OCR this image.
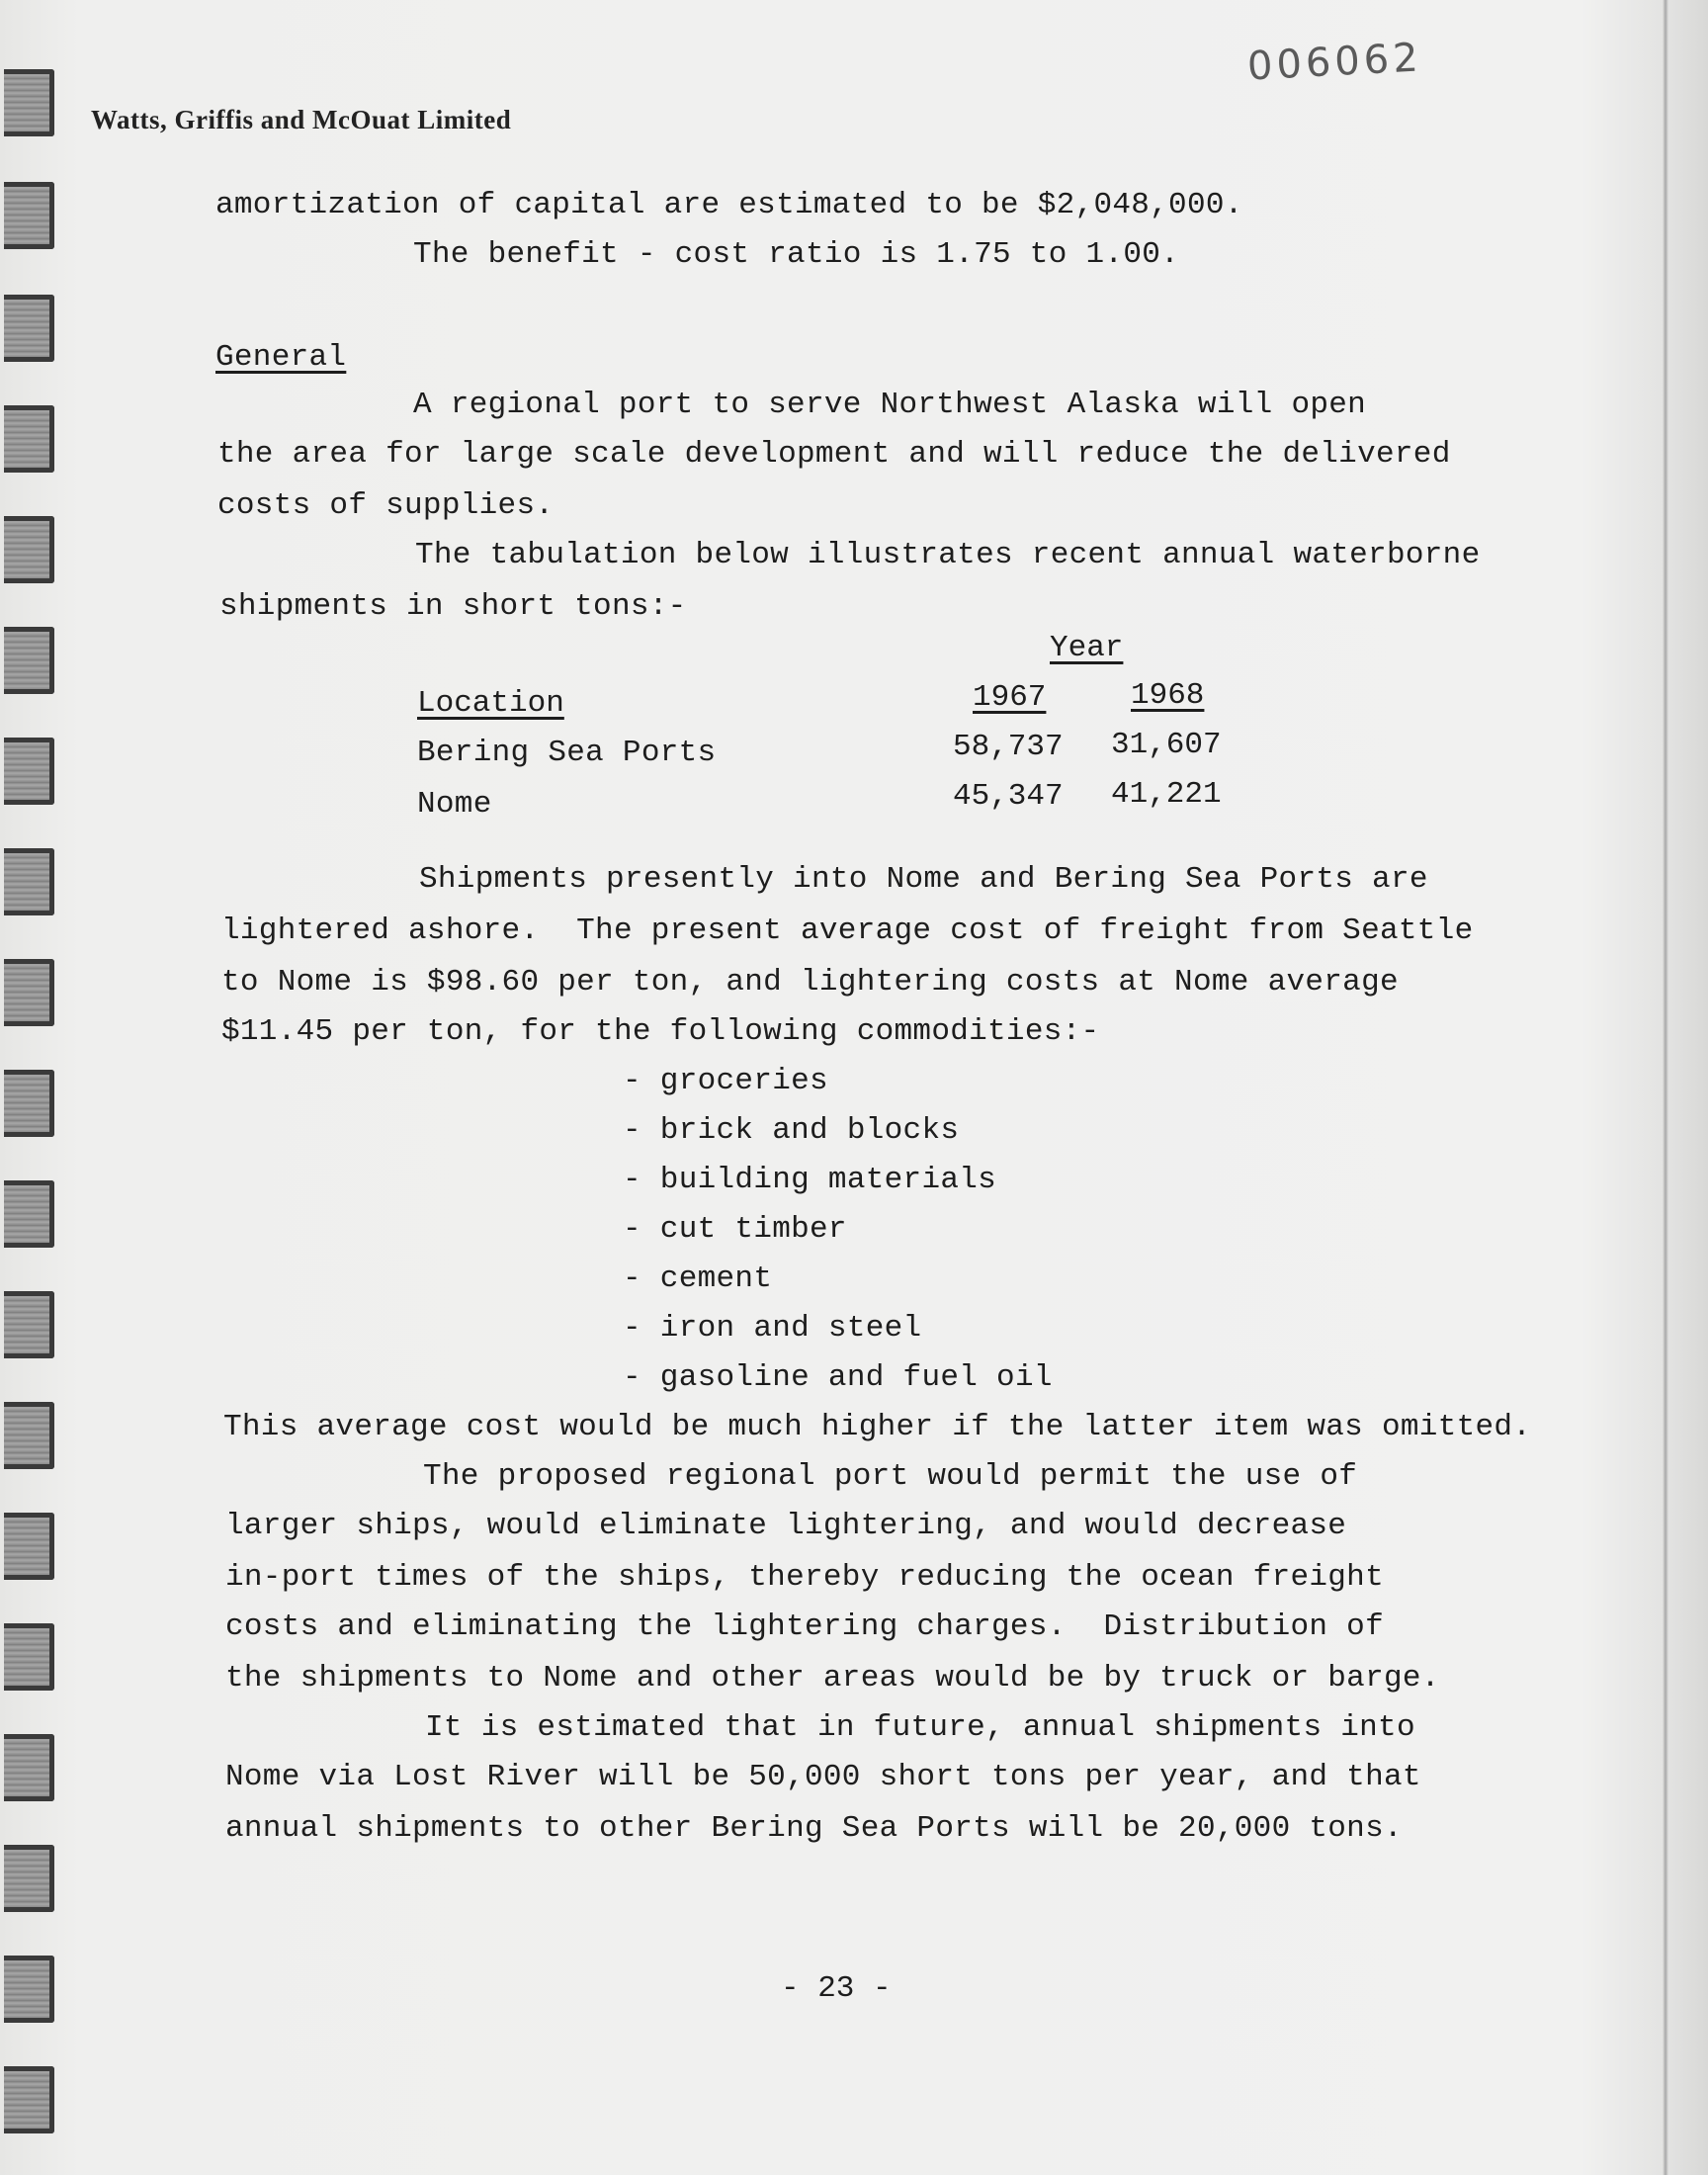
006062
Watts, Griffis and McOuat Limited
amortization of capital are estimated to be $2,048,000.
The benefit - cost ratio is 1.75 to 1.00.
General
A regional port to serve Northwest Alaska will open
the area for large scale development and will reduce the delivered
costs of supplies.
The tabulation below illustrates recent annual waterborne
shipments in short tons:-
Year
Location	1967	1968
Bering Sea Ports	58,737 31,607
Nome	45,347 41,221
Shipments presently into Nome and Bering Sea Ports are
lightered ashore.  The present average cost of freight from Seattle
to Nome is $98.60 per ton, and lightering costs at Nome average
$11.45 per ton, for the following commodities:-
- groceries
- brick and blocks
- building materials
- cut timber
- cement
- iron and steel
- gasoline and fuel oil
This average cost would be much higher if the latter item was omitted.
The proposed regional port would permit the use of
larger ships, would eliminate lightering, and would decrease
in-port times of the ships, thereby reducing the ocean freight
costs and eliminating the lightering charges.  Distribution of
the shipments to Nome and other areas would be by truck or barge.
It is estimated that in future, annual shipments into
Nome via Lost River will be 50,000 short tons per year, and that
annual shipments to other Bering Sea Ports will be 20,000 tons.
- 23 -
